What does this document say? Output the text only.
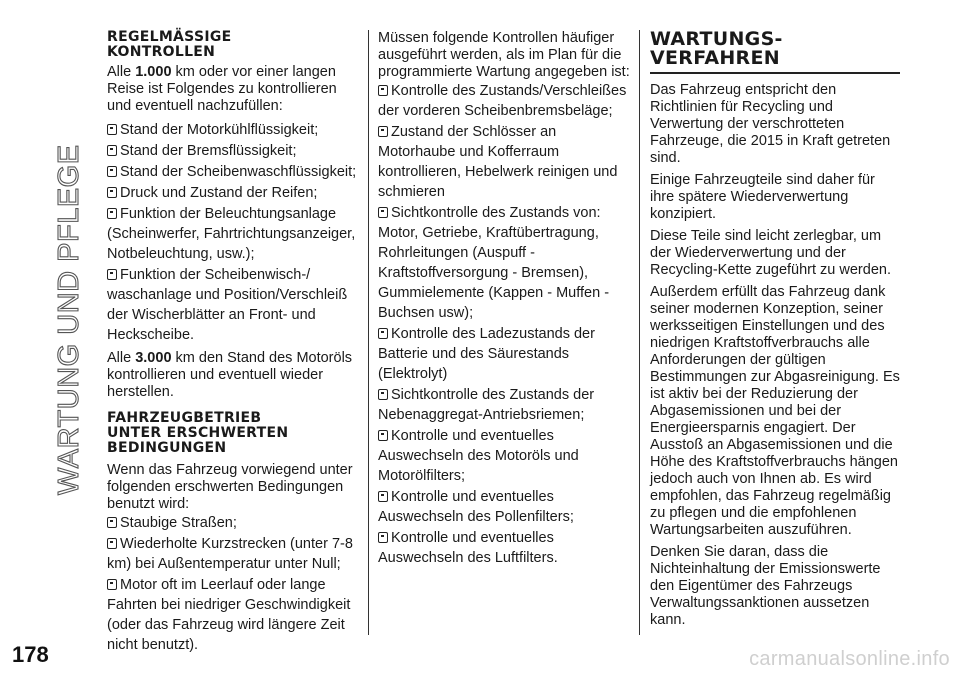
WARTUNG UND PFLEGE
REGELMÄSSIGE
KONTROLLEN

Alle 1.000 km oder vor einer langen Reise ist Folgendes zu kontrollieren und eventuell nachzufüllen:

Stand der Motorkühlflüssigkeit;
Stand der Bremsflüssigkeit;
Stand der Scheibenwaschflüssigkeit;
Druck und Zustand der Reifen;
Funktion der Beleuchtungsanlage (Scheinwerfer, Fahrtrichtungsanzeiger, Notbeleuchtung, usw.);
Funktion der Scheibenwisch-/ waschanlage und Position/Verschleiß der Wischerblätter an Front- und Heckscheibe.

Alle 3.000 km den Stand des Motoröls kontrollieren und eventuell wieder herstellen.

FAHRZEUGBETRIEB
UNTER ERSCHWERTEN
BEDINGUNGEN

Wenn das Fahrzeug vorwiegend unter folgenden erschwerten Bedingungen benutzt wird:

Staubige Straßen;
Wiederholte Kurzstrecken (unter 7-8 km) bei Außentemperatur unter Null;
Motor oft im Leerlauf oder lange Fahrten bei niedriger Geschwindigkeit (oder das Fahrzeug wird längere Zeit nicht benutzt).

Müssen folgende Kontrollen häufiger ausgeführt werden, als im Plan für die programmierte Wartung angegeben ist:

Kontrolle des Zustands/Verschleißes der vorderen Scheibenbremsbeläge;
Zustand der Schlösser an Motorhaube und Kofferraum kontrollieren, Hebelwerk reinigen und schmieren
Sichtkontrolle des Zustands von: Motor, Getriebe, Kraftübertragung, Rohrleitungen (Auspuff - Kraftstoffversorgung - Bremsen), Gummielemente (Kappen - Muffen - Buchsen usw);
Kontrolle des Ladezustands der Batterie und des Säurestands (Elektrolyt)
Sichtkontrolle des Zustands der Nebenaggregat-Antriebsriemen;
Kontrolle und eventuelles Auswechseln des Motoröls und Motorölfilters;
Kontrolle und eventuelles Auswechseln des Pollenfilters;
Kontrolle und eventuelles Auswechseln des Luftfilters.
WARTUNGS-
VERFAHREN

Das Fahrzeug entspricht den Richtlinien für Recycling und Verwertung der verschrotteten Fahrzeuge, die 2015 in Kraft getreten sind.

Einige Fahrzeugteile sind daher für ihre spätere Wiederverwertung konzipiert.

Diese Teile sind leicht zerlegbar, um der Wiederverwertung und der Recycling-Kette zugeführt zu werden.

Außerdem erfüllt das Fahrzeug dank seiner modernen Konzeption, seiner werksseitigen Einstellungen und des niedrigen Kraftstoffverbrauchs alle Anforderungen der gültigen Bestimmungen zur Abgasreinigung. Es ist aktiv bei der Reduzierung der Abgasemissionen und bei der Energieersparnis engagiert. Der Ausstoß an Abgasemissionen und die Höhe des Kraftstoffverbrauchs hängen jedoch auch von Ihnen ab. Es wird empfohlen, das Fahrzeug regelmäßig zu pflegen und die empfohlenen Wartungsarbeiten auszuführen.

Denken Sie daran, dass die Nichteinhaltung der Emissionswerte den Eigentümer des Fahrzeugs Verwaltungssanktionen aussetzen kann.

178	carmanualsonline.info
